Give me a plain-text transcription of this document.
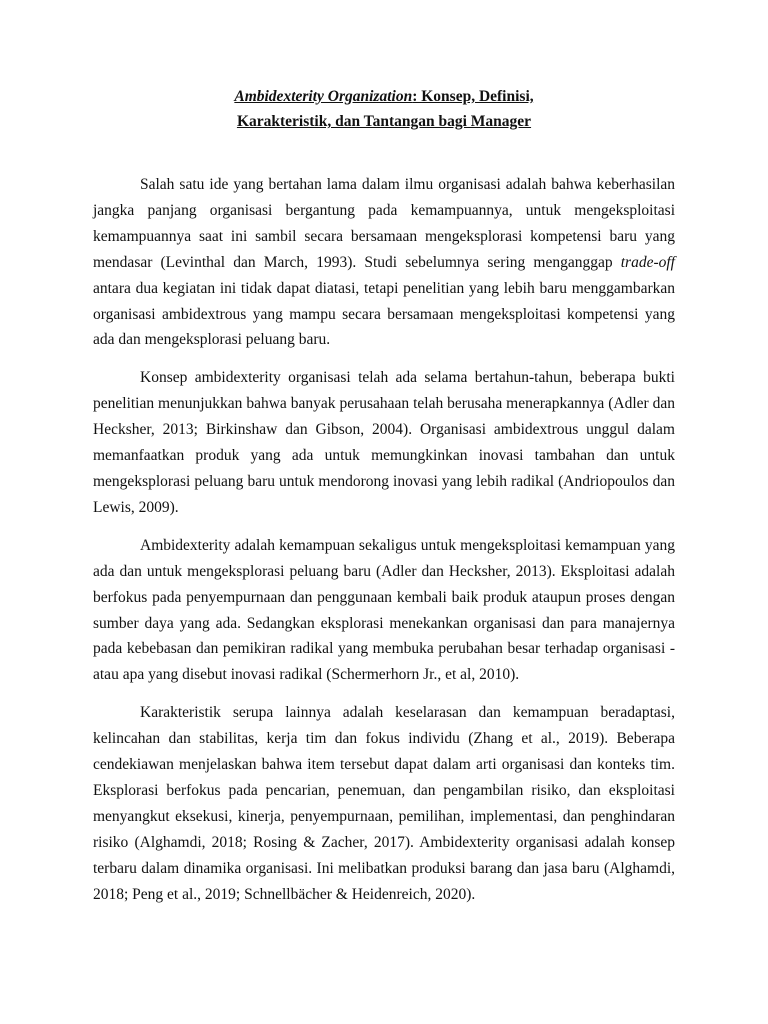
Ambidexterity Organization: Konsep, Definisi,
Karakteristik, dan Tantangan bagi Manager

Salah satu ide yang bertahan lama dalam ilmu organisasi adalah bahwa keberhasilan jangka panjang organisasi bergantung pada kemampuannya, untuk mengeksploitasi kemampuannya saat ini sambil secara bersamaan mengeksplorasi kompetensi baru yang mendasar (Levinthal dan March, 1993). Studi sebelumnya sering menganggap trade-off antara dua kegiatan ini tidak dapat diatasi, tetapi penelitian yang lebih baru menggambarkan organisasi ambidextrous yang mampu secara bersamaan mengeksploitasi kompetensi yang ada dan mengeksplorasi peluang baru.

Konsep ambidexterity organisasi telah ada selama bertahun-tahun, beberapa bukti penelitian menunjukkan bahwa banyak perusahaan telah berusaha menerapkannya (Adler dan Hecksher, 2013; Birkinshaw dan Gibson, 2004). Organisasi ambidextrous unggul dalam memanfaatkan produk yang ada untuk memungkinkan inovasi tambahan dan untuk mengeksplorasi peluang baru untuk mendorong inovasi yang lebih radikal (Andriopoulos dan Lewis, 2009).

Ambidexterity adalah kemampuan sekaligus untuk mengeksploitasi kemampuan yang ada dan untuk mengeksplorasi peluang baru (Adler dan Hecksher, 2013). Eksploitasi adalah berfokus pada penyempurnaan dan penggunaan kembali baik produk ataupun proses dengan sumber daya yang ada. Sedangkan eksplorasi menekankan organisasi dan para manajernya pada kebebasan dan pemikiran radikal yang membuka perubahan besar terhadap organisasi - atau apa yang disebut inovasi radikal (Schermerhorn Jr., et al, 2010).

Karakteristik serupa lainnya adalah keselarasan dan kemampuan beradaptasi, kelincahan dan stabilitas, kerja tim dan fokus individu (Zhang et al., 2019). Beberapa cendekiawan menjelaskan bahwa item tersebut dapat dalam arti organisasi dan konteks tim. Eksplorasi berfokus pada pencarian, penemuan, dan pengambilan risiko, dan eksploitasi menyangkut eksekusi, kinerja, penyempurnaan, pemilihan, implementasi, dan penghindaran risiko (Alghamdi, 2018; Rosing & Zacher, 2017). Ambidexterity organisasi adalah konsep terbaru dalam dinamika organisasi. Ini melibatkan produksi barang dan jasa baru (Alghamdi, 2018; Peng et al., 2019; Schnellbächer & Heidenreich, 2020).
